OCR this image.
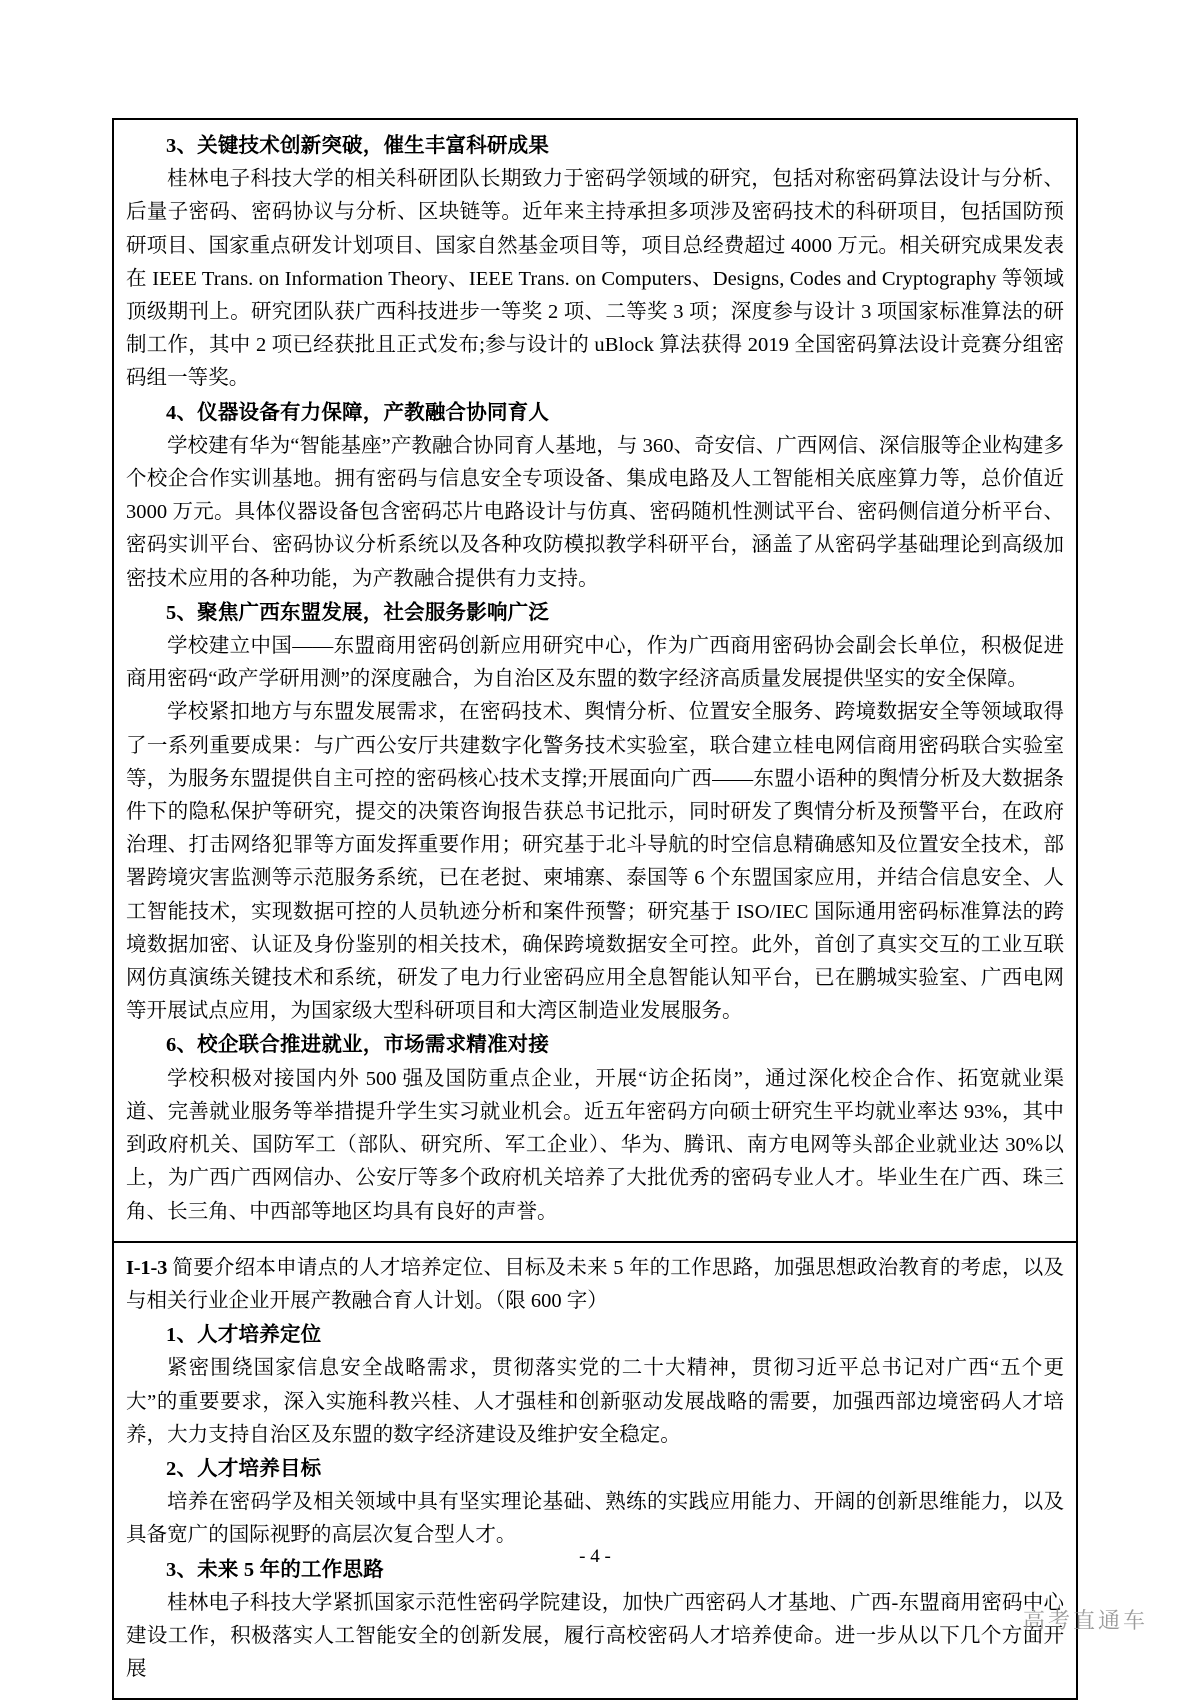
3、关键技术创新突破，催生丰富科研成果
桂林电子科技大学的相关科研团队长期致力于密码学领域的研究，包括对称密码算法设计与分析、后量子密码、密码协议与分析、区块链等。近年来主持承担多项涉及密码技术的科研项目，包括国防预研项目、国家重点研发计划项目、国家自然基金项目等，项目总经费超过 4000 万元。相关研究成果发表在 IEEE Trans. on Information Theory、IEEE Trans. on Computers、Designs, Codes and Cryptography 等领域顶级期刊上。研究团队获广西科技进步一等奖 2 项、二等奖 3 项；深度参与设计 3 项国家标准算法的研制工作，其中 2 项已经获批且正式发布;参与设计的 uBlock 算法获得 2019 全国密码算法设计竞赛分组密码组一等奖。
4、仪器设备有力保障，产教融合协同育人
学校建有华为“智能基座”产教融合协同育人基地，与 360、奇安信、广西网信、深信服等企业构建多个校企合作实训基地。拥有密码与信息安全专项设备、集成电路及人工智能相关底座算力等，总价值近 3000 万元。具体仪器设备包含密码芯片电路设计与仿真、密码随机性测试平台、密码侧信道分析平台、密码实训平台、密码协议分析系统以及各种攻防模拟教学科研平台，涵盖了从密码学基础理论到高级加密技术应用的各种功能，为产教融合提供有力支持。
5、聚焦广西东盟发展，社会服务影响广泛
学校建立中国——东盟商用密码创新应用研究中心，作为广西商用密码协会副会长单位，积极促进商用密码“政产学研用测”的深度融合，为自治区及东盟的数字经济高质量发展提供坚实的安全保障。
学校紧扣地方与东盟发展需求，在密码技术、舆情分析、位置安全服务、跨境数据安全等领域取得了一系列重要成果：与广西公安厅共建数字化警务技术实验室，联合建立桂电网信商用密码联合实验室等，为服务东盟提供自主可控的密码核心技术支撑;开展面向广西——东盟小语种的舆情分析及大数据条件下的隐私保护等研究，提交的决策咨询报告获总书记批示，同时研发了舆情分析及预警平台，在政府治理、打击网络犯罪等方面发挥重要作用；研究基于北斗导航的时空信息精确感知及位置安全技术，部署跨境灾害监测等示范服务系统，已在老挝、柬埔寨、泰国等 6 个东盟国家应用，并结合信息安全、人工智能技术，实现数据可控的人员轨迹分析和案件预警；研究基于 ISO/IEC 国际通用密码标准算法的跨境数据加密、认证及身份鉴别的相关技术，确保跨境数据安全可控。此外，首创了真实交互的工业互联网仿真演练关键技术和系统，研发了电力行业密码应用全息智能认知平台，已在鹏城实验室、广西电网等开展试点应用，为国家级大型科研项目和大湾区制造业发展服务。
6、校企联合推进就业，市场需求精准对接
学校积极对接国内外 500 强及国防重点企业，开展“访企拓岗”，通过深化校企合作、拓宽就业渠道、完善就业服务等举措提升学生实习就业机会。近五年密码方向硕士研究生平均就业率达 93%，其中到政府机关、国防军工（部队、研究所、军工企业）、华为、腾讯、南方电网等头部企业就业达 30%以上，为广西广西网信办、公安厅等多个政府机关培养了大批优秀的密码专业人才。毕业生在广西、珠三角、长三角、中西部等地区均具有良好的声誉。
I-1-3 简要介绍本申请点的人才培养定位、目标及未来 5 年的工作思路，加强思想政治教育的考虑，以及与相关行业企业开展产教融合育人计划。（限 600 字）
1、人才培养定位
紧密围绕国家信息安全战略需求，贯彻落实党的二十大精神，贯彻习近平总书记对广西“五个更大”的重要要求，深入实施科教兴桂、人才强桂和创新驱动发展战略的需要，加强西部边境密码人才培养，大力支持自治区及东盟的数字经济建设及维护安全稳定。
2、人才培养目标
培养在密码学及相关领域中具有坚实理论基础、熟练的实践应用能力、开阔的创新思维能力，以及具备宽广的国际视野的高层次复合型人才。
3、未来 5 年的工作思路
桂林电子科技大学紧抓国家示范性密码学院建设，加快广西密码人才基地、广西-东盟商用密码中心建设工作，积极落实人工智能安全的创新发展，履行高校密码人才培养使命。进一步从以下几个方面开展
- 4 -
高考直通车
